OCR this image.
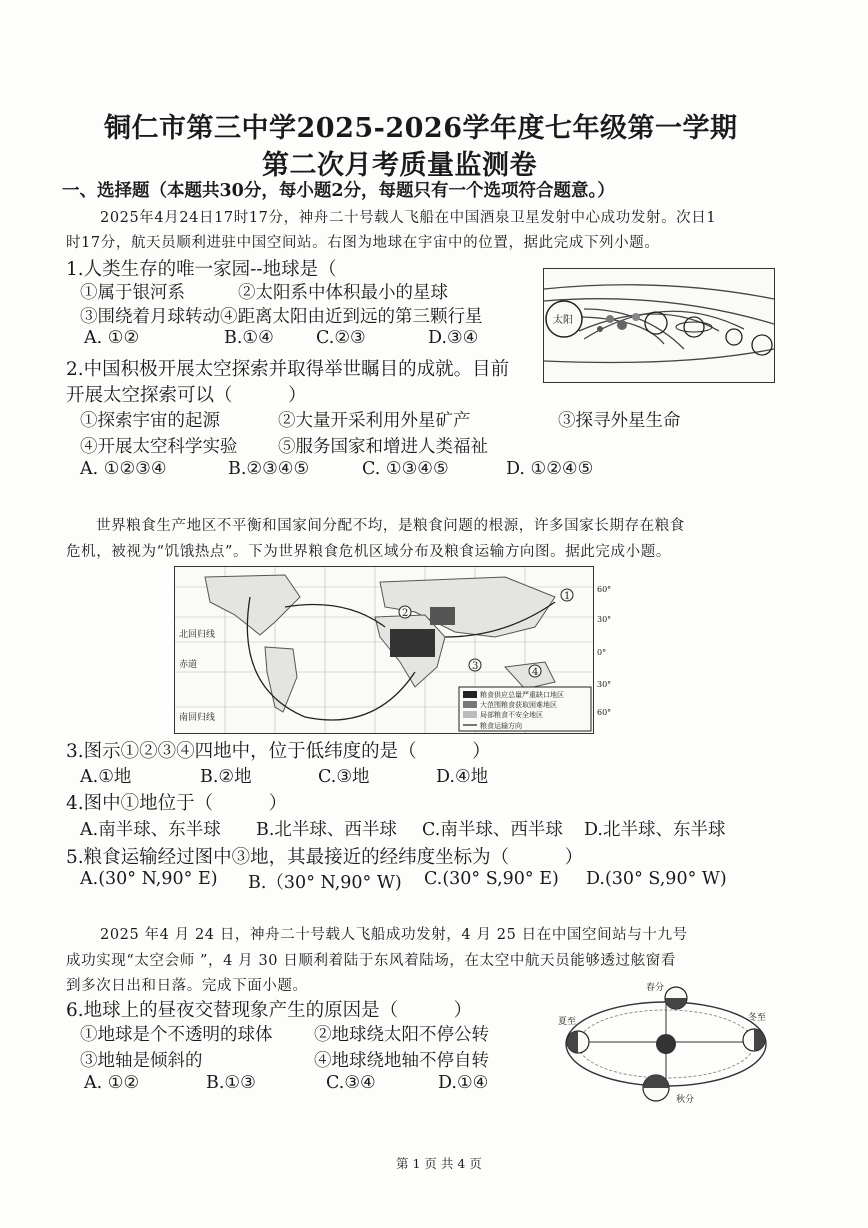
铜仁市第三中学2025-2026学年度七年级第一学期
第二次月考质量监测卷
一、选择题（本题共30分，每小题2分，每题只有一个选项符合题意。）
2025年4月24日17时17分，神舟二十号载人飞船在中国酒泉卫星发射中心成功发射。次日1
时17分，航天员顺利进驻中国空间站。右图为地球在宇宙中的位置，据此完成下列小题。
1.人类生存的唯一家园--地球是（
①属于银河系	②太阳系中体积最小的星球
③围绕着月球转动④距离太阳由近到远的第三颗行星
A. ①②	B.①④ C.②③	D.③④
太阳
2.中国积极开展太空探索并取得举世瞩目的成就。目前
开展太空探索可以（　　　）
①探索宇宙的起源	②大量开采利用外星矿产	③探寻外星生命
④开展太空科学实验 ⑤服务国家和增进人类福祉
A. ①②③④	B.②③④⑤	C. ①③④⑤	D. ①②④⑤
世界粮食生产地区不平衡和国家间分配不均，是粮食问题的根源，许多国家长期存在粮食
危机，被视为“饥饿热点”。下为世界粮食危机区域分布及粮食运输方向图。据此完成小题。
粮食供应总量严重缺口地区
大范围粮食获取困难地区
局部粮食不安全地区
粮食运输方向
北回归线
赤道
南回归线
1
2
3
4
60°
30°
0°
30°
60°
3.图示①②③④四地中，位于低纬度的是（　　　）
A.①地	B.②地	C.③地	D.④地
4.图中①地位于（　　　）
A.南半球、东半球 B.北半球、西半球 C.南半球、西半球 D.北半球、东半球
5.粮食运输经过图中③地，其最接近的经纬度坐标为（　　　）
A.(30° N,90° E) B.（30° N,90° W) C.(30° S,90° E) D.(30° S,90° W)
2025 年4 月 24 日，神舟二十号载人飞船成功发射，4 月 25 日在中国空间站与十九号
成功实现“太空会师 ”，4 月 30 日顺利着陆于东风着陆场，在太空中航天员能够透过舷窗看
到多次日出和日落。完成下面小题。
6.地球上的昼夜交替现象产生的原因是（　　　）
①地球是个不透明的球体 ②地球绕太阳不停公转
③地轴是倾斜的	④地球绕地轴不停自转
A. ①②	B.①③	C.③④	D.①④
春分
夏至
秋分
冬至
第 1 页 共 4 页
